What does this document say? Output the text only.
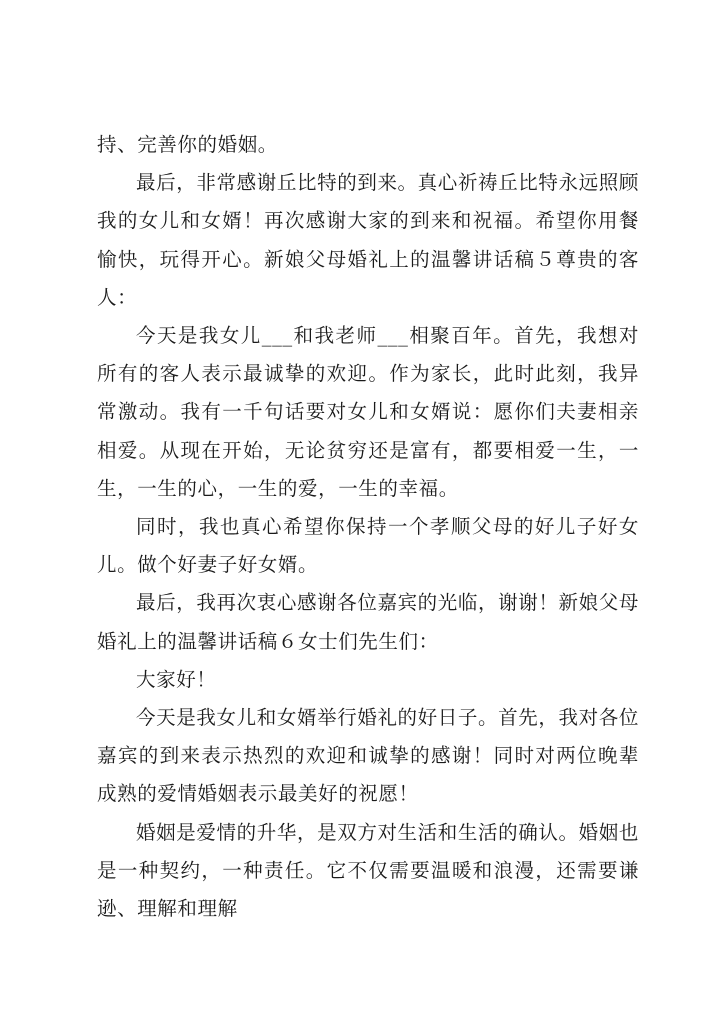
持、完善你的婚姻。

最后，非常感谢丘比特的到来。真心祈祷丘比特永远照顾我的女儿和女婿！再次感谢大家的到来和祝福。希望你用餐愉快，玩得开心。新娘父母婚礼上的温馨讲话稿５尊贵的客人：

今天是我女儿___和我老师___相聚百年。首先，我想对所有的客人表示最诚挚的欢迎。作为家长，此时此刻，我异常激动。我有一千句话要对女儿和女婿说：愿你们夫妻相亲相爱。从现在开始，无论贫穷还是富有，都要相爱一生，一生，一生的心，一生的爱，一生的幸福。

同时，我也真心希望你保持一个孝顺父母的好儿子好女儿。做个好妻子好女婿。

最后，我再次衷心感谢各位嘉宾的光临，谢谢！新娘父母婚礼上的温馨讲话稿６女士们先生们：

大家好！

今天是我女儿和女婿举行婚礼的好日子。首先，我对各位嘉宾的到来表示热烈的欢迎和诚挚的感谢！同时对两位晚辈成熟的爱情婚姻表示最美好的祝愿！

婚姻是爱情的升华，是双方对生活和生活的确认。婚姻也是一种契约，一种责任。它不仅需要温暖和浪漫，还需要谦逊、理解和理解
